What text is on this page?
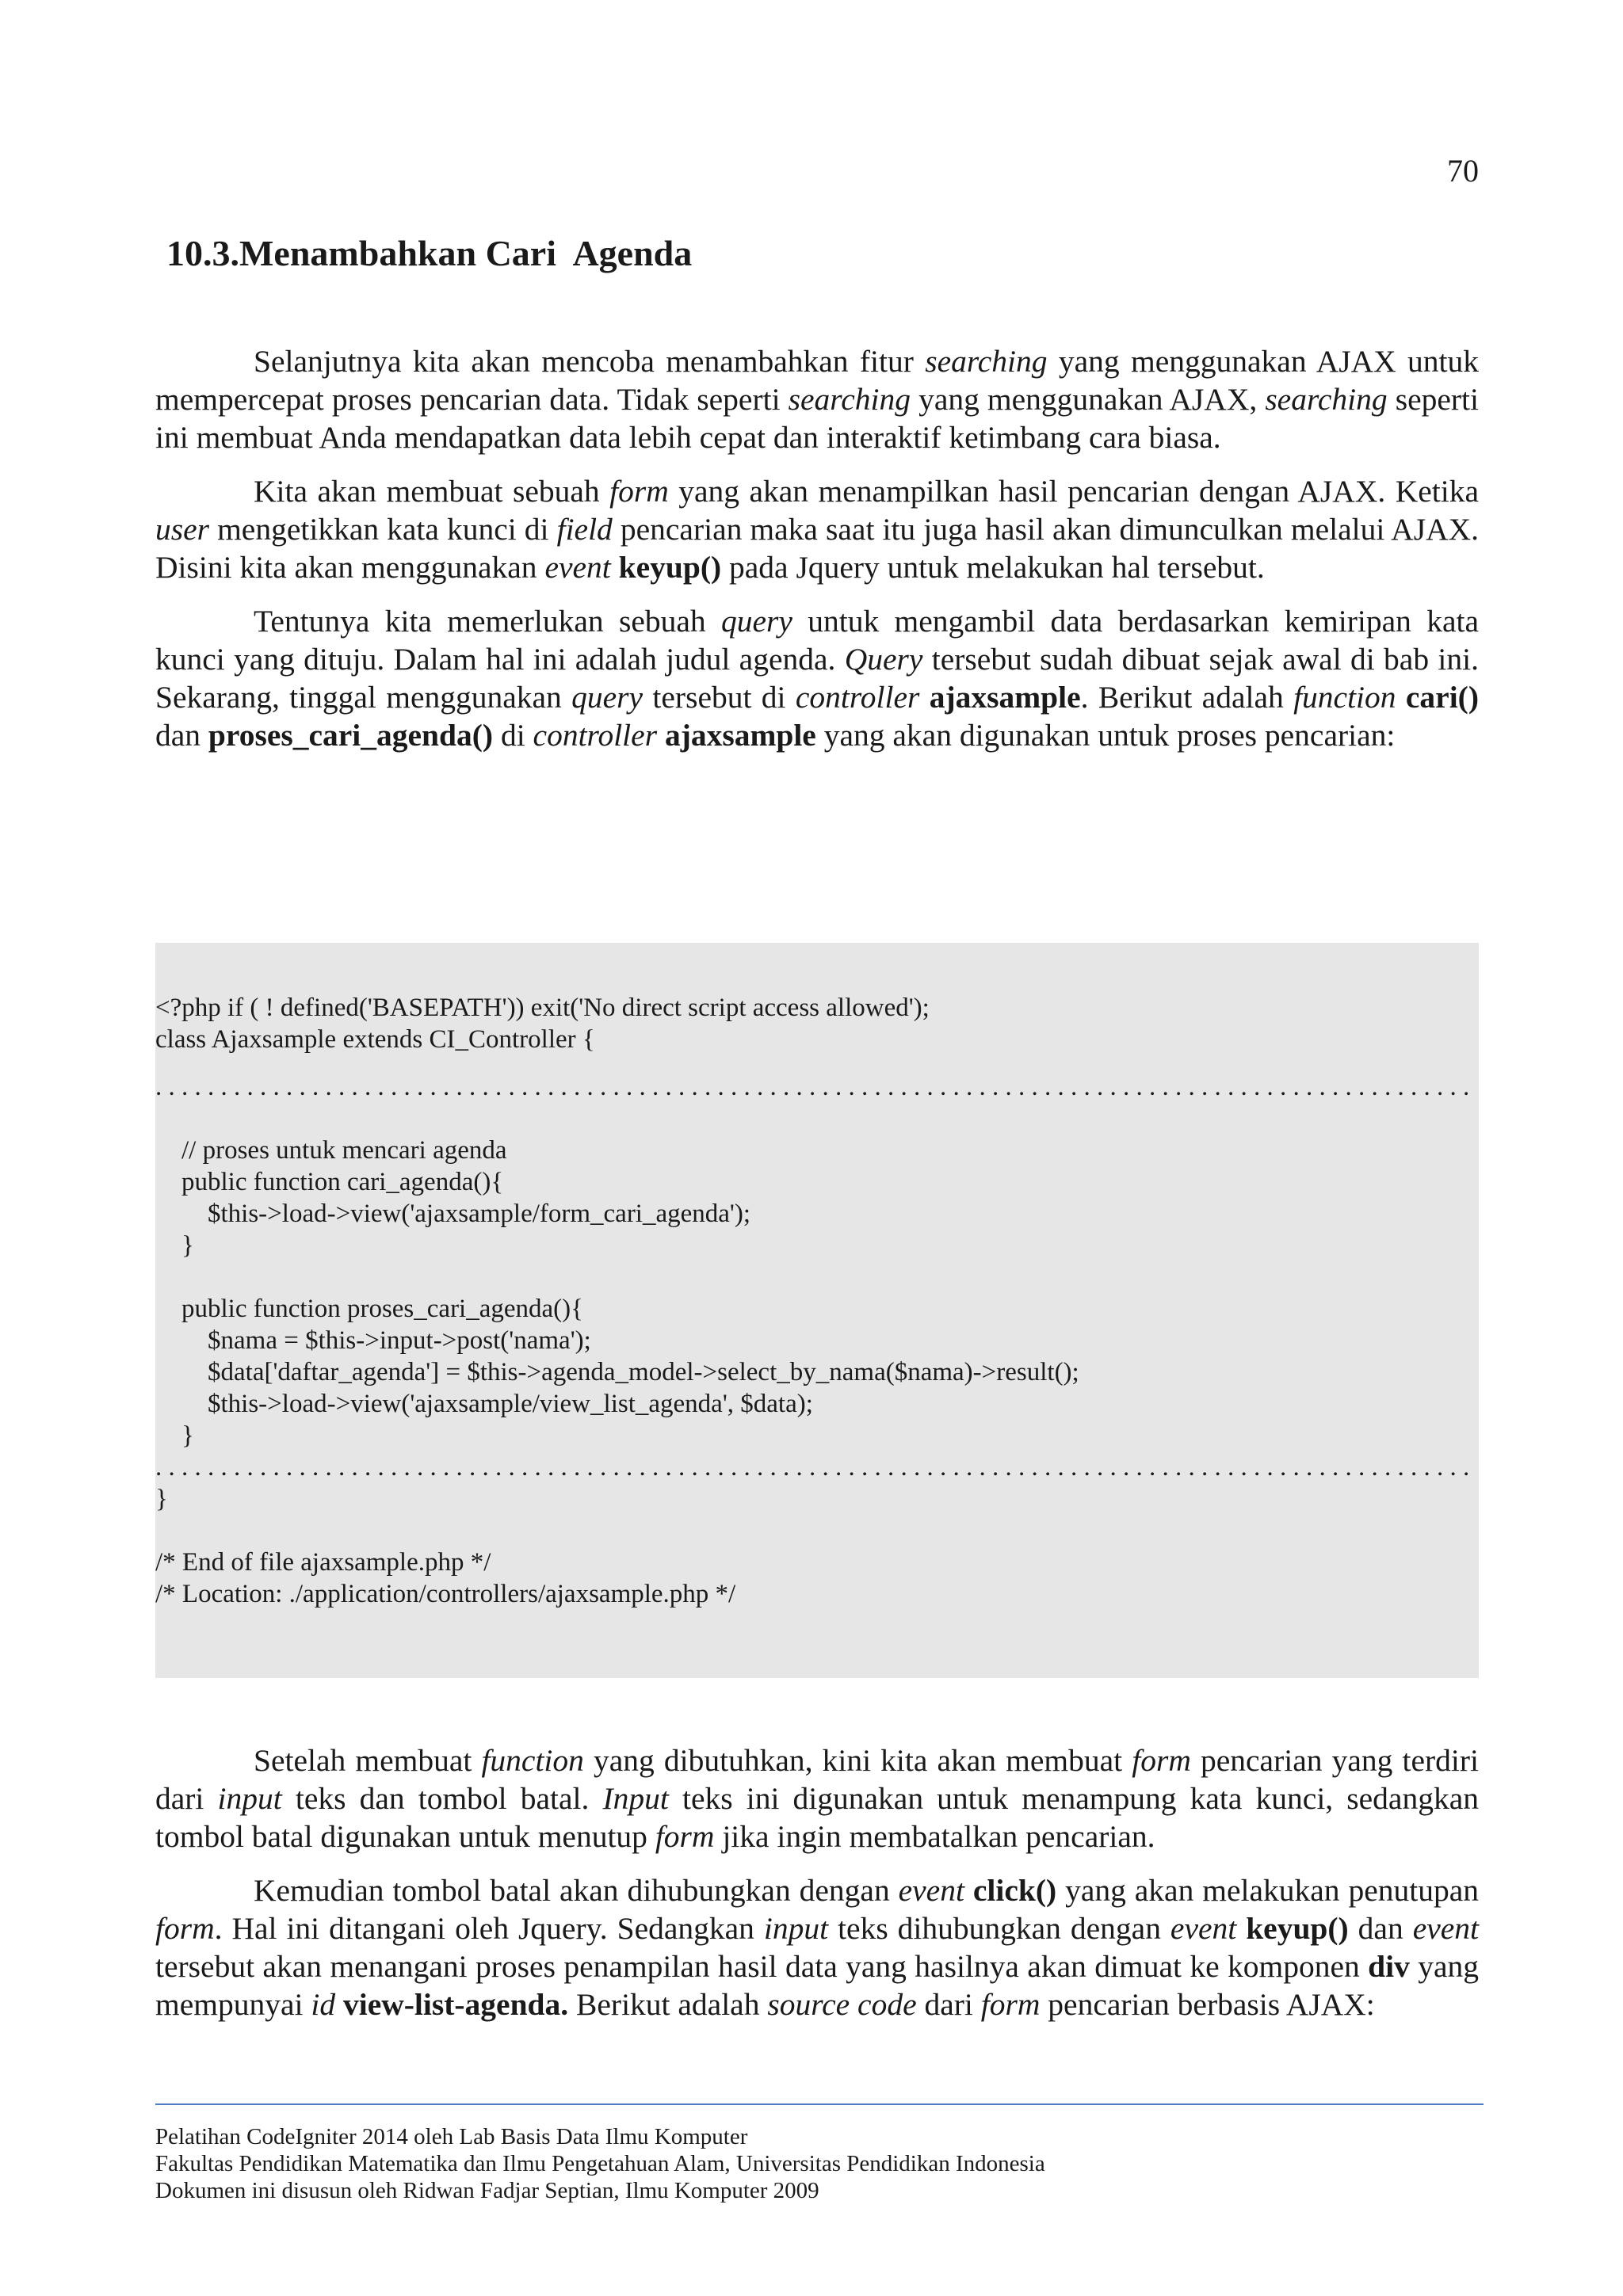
70
10.3.Menambahkan Cari  Agenda

Selanjutnya kita akan mencoba menambahkan fitur searching yang menggunakan AJAX untuk mempercepat proses pencarian data. Tidak seperti searching yang menggunakan AJAX, searching seperti ini membuat Anda mendapatkan data lebih cepat dan interaktif ketimbang cara biasa.

Kita akan membuat sebuah form yang akan menampilkan hasil pencarian dengan AJAX. Ketika user mengetikkan kata kunci di field pencarian maka saat itu juga hasil akan dimunculkan melalui AJAX. Disini kita akan menggunakan event keyup() pada Jquery untuk melakukan hal tersebut.

Tentunya kita memerlukan sebuah query untuk mengambil data berdasarkan kemiripan kata kunci yang dituju. Dalam hal ini adalah judul agenda. Query tersebut sudah dibuat sejak awal di bab ini. Sekarang, tinggal menggunakan query tersebut di controller ajaxsample. Berikut adalah function cari() dan proses_cari_agenda() di controller ajaxsample yang akan digunakan untuk proses pencarian:

<?php if ( ! defined('BASEPATH')) exit('No direct script access allowed');
class Ajaxsample extends CI_Controller {
. . . . . . . . . . . . . . . . . . . . . . . . . . . . . . . . . . . . . . . . . . . . . . . . . . . . . . . . . . . . . . . . . . . . . . . . . . . . . . . . . . . . . . . . . . . . . . . . . . . . .
// proses untuk mencari agenda
public function cari_agenda(){
$this->load->view('ajaxsample/form_cari_agenda');
}
public function proses_cari_agenda(){
$nama = $this->input->post('nama');
$data['daftar_agenda'] = $this->agenda_model->select_by_nama($nama)->result();
$this->load->view('ajaxsample/view_list_agenda', $data);
}
. . . . . . . . . . . . . . . . . . . . . . . . . . . . . . . . . . . . . . . . . . . . . . . . . . . . . . . . . . . . . . . . . . . . . . . . . . . . . . . . . . . . . . . . . . . . . . . . . . . . .
}
/* End of file ajaxsample.php */
/* Location: ./application/controllers/ajaxsample.php */

Setelah membuat function yang dibutuhkan, kini kita akan membuat form pencarian yang terdiri dari input teks dan tombol batal. Input teks ini digunakan untuk menampung kata kunci, sedangkan tombol batal digunakan untuk menutup form jika ingin membatalkan pencarian.

Kemudian tombol batal akan dihubungkan dengan event click() yang akan melakukan penutupan form. Hal ini ditangani oleh Jquery. Sedangkan input teks dihubungkan dengan event keyup() dan event tersebut akan menangani proses penampilan hasil data yang hasilnya akan dimuat ke komponen div yang mempunyai id view-list-agenda. Berikut adalah source code dari form pencarian berbasis AJAX:

Pelatihan CodeIgniter 2014 oleh Lab Basis Data Ilmu Komputer
Fakultas Pendidikan Matematika dan Ilmu Pengetahuan Alam, Universitas Pendidikan Indonesia
Dokumen ini disusun oleh Ridwan Fadjar Septian, Ilmu Komputer 2009
